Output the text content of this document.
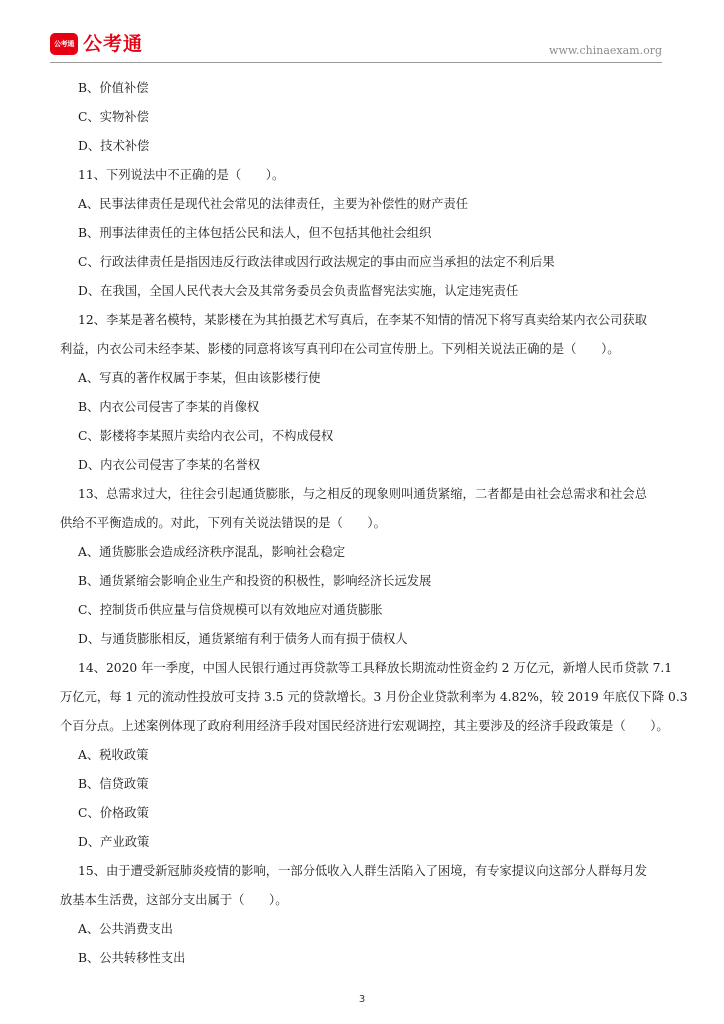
公考通 公考通	www.chinaexam.org
B、价值补偿
C、实物补偿
D、技术补偿
11、下列说法中不正确的是（　　）。
A、民事法律责任是现代社会常见的法律责任，主要为补偿性的财产责任
B、刑事法律责任的主体包括公民和法人，但不包括其他社会组织
C、行政法律责任是指因违反行政法律或因行政法规定的事由而应当承担的法定不利后果
D、在我国，全国人民代表大会及其常务委员会负责监督宪法实施，认定违宪责任
12、李某是著名模特，某影楼在为其拍摄艺术写真后，在李某不知情的情况下将写真卖给某内衣公司获取
利益，内衣公司未经李某、影楼的同意将该写真刊印在公司宣传册上。下列相关说法正确的是（　　）。
A、写真的著作权属于李某，但由该影楼行使
B、内衣公司侵害了李某的肖像权
C、影楼将李某照片卖给内衣公司，不构成侵权
D、内衣公司侵害了李某的名誉权
13、总需求过大，往往会引起通货膨胀，与之相反的现象则叫通货紧缩，二者都是由社会总需求和社会总
供给不平衡造成的。对此，下列有关说法错误的是（　　）。
A、通货膨胀会造成经济秩序混乱，影响社会稳定
B、通货紧缩会影响企业生产和投资的积极性，影响经济长远发展
C、控制货币供应量与信贷规模可以有效地应对通货膨胀
D、与通货膨胀相反，通货紧缩有利于债务人而有损于债权人
14、2020 年一季度，中国人民银行通过再贷款等工具释放长期流动性资金约 2 万亿元，新增人民币贷款 7.1
万亿元，每 1 元的流动性投放可支持 3.5 元的贷款增长。3 月份企业贷款利率为 4.82%，较 2019 年底仅下降 0.3
个百分点。上述案例体现了政府利用经济手段对国民经济进行宏观调控，其主要涉及的经济手段政策是（　　）。
A、税收政策
B、信贷政策
C、价格政策
D、产业政策
15、由于遭受新冠肺炎疫情的影响，一部分低收入人群生活陷入了困境，有专家提议向这部分人群每月发
放基本生活费，这部分支出属于（　　）。
A、公共消费支出
B、公共转移性支出
3
